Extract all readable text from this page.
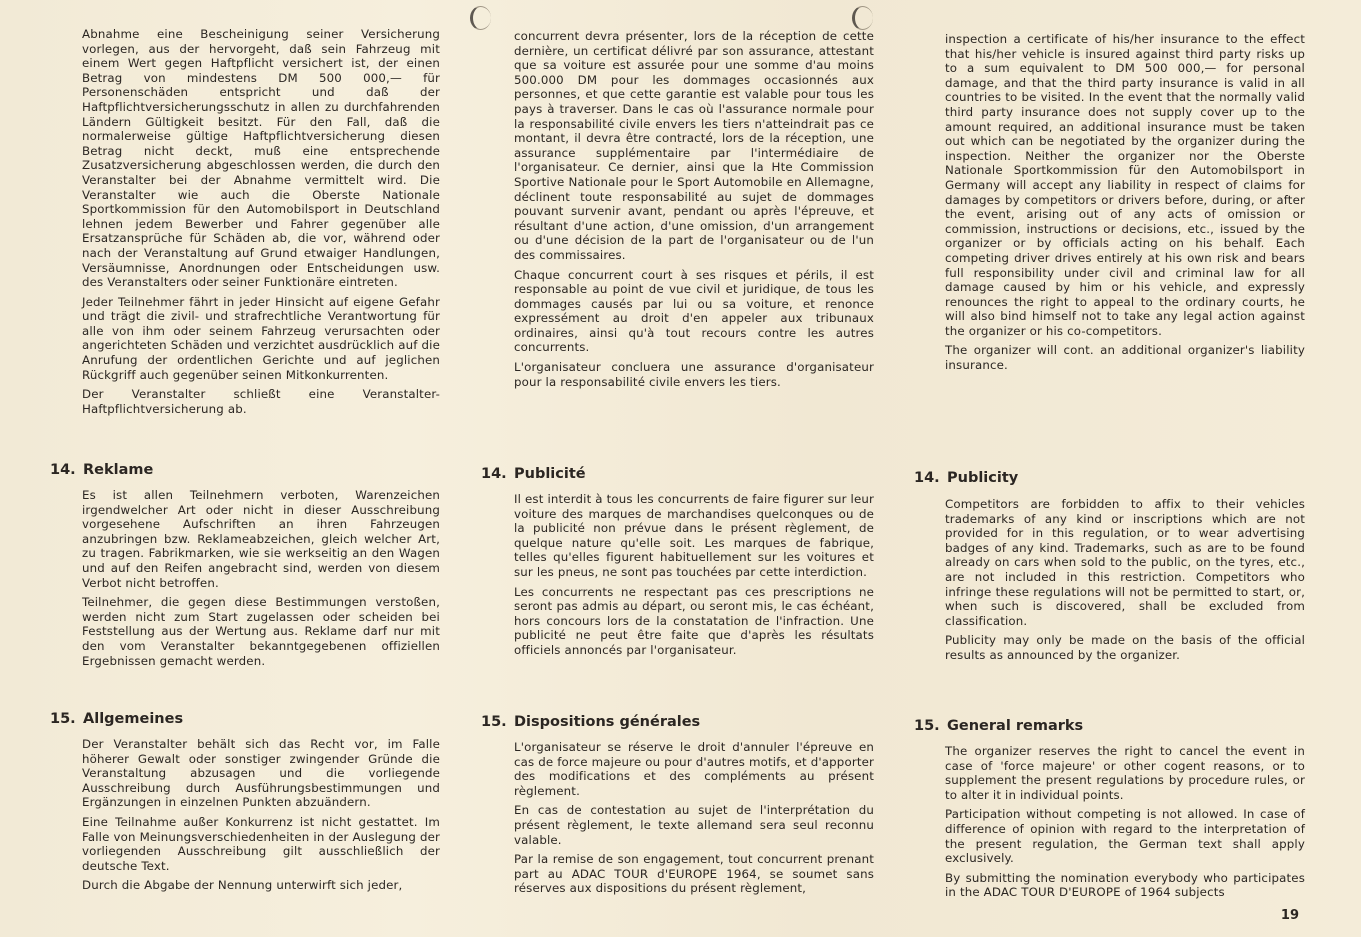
Abnahme eine Bescheinigung seiner Versicherung vorlegen, aus der hervorgeht, daß sein Fahrzeug mit einem Wert gegen Haftpflicht versichert ist, der einen Betrag von mindestens DM 500 000,— für Personenschäden entspricht und daß der Haftpflichtversicherungsschutz in allen zu durchfahrenden Ländern Gültigkeit besitzt. Für den Fall, daß die normalerweise gültige Haftpflichtversicherung diesen Betrag nicht deckt, muß eine entsprechende Zusatzversicherung abgeschlossen werden, die durch den Veranstalter bei der Abnahme vermittelt wird. Die Veranstalter wie auch die Oberste Nationale Sportkommission für den Automobilsport in Deutschland lehnen jedem Bewerber und Fahrer gegenüber alle Ersatzansprüche für Schäden ab, die vor, während oder nach der Veranstaltung auf Grund etwaiger Handlungen, Versäumnisse, Anordnungen oder Entscheidungen usw. des Veranstalters oder seiner Funktionäre eintreten.

Jeder Teilnehmer fährt in jeder Hinsicht auf eigene Gefahr und trägt die zivil- und strafrechtliche Verantwortung für alle von ihm oder seinem Fahrzeug verursachten oder angerichteten Schäden und verzichtet ausdrücklich auf die Anrufung der ordentlichen Gerichte und auf jeglichen Rückgriff auch gegenüber seinen Mitkonkurrenten.

Der Veranstalter schließt eine Veranstalter-Haftpflichtversicherung ab.

14. Reklame

Es ist allen Teilnehmern verboten, Warenzeichen irgendwelcher Art oder nicht in dieser Ausschreibung vorgesehene Aufschriften an ihren Fahrzeugen anzubringen bzw. Reklameabzeichen, gleich welcher Art, zu tragen. Fabrikmarken, wie sie werkseitig an den Wagen und auf den Reifen angebracht sind, werden von diesem Verbot nicht betroffen.

Teilnehmer, die gegen diese Bestimmungen verstoßen, werden nicht zum Start zugelassen oder scheiden bei Feststellung aus der Wertung aus. Reklame darf nur mit den vom Veranstalter bekanntgegebenen offiziellen Ergebnissen gemacht werden.

15. Allgemeines

Der Veranstalter behält sich das Recht vor, im Falle höherer Gewalt oder sonstiger zwingender Gründe die Veranstaltung abzusagen und die vorliegende Ausschreibung durch Ausführungsbestimmungen und Ergänzungen in einzelnen Punkten abzuändern.

Eine Teilnahme außer Konkurrenz ist nicht gestattet. Im Falle von Meinungsverschiedenheiten in der Auslegung der vorliegenden Ausschreibung gilt ausschließlich der deutsche Text.

Durch die Abgabe der Nennung unterwirft sich jeder,

concurrent devra présenter, lors de la réception de cette dernière, un certificat délivré par son assurance, attestant que sa voiture est assurée pour une somme d'au moins 500.000 DM pour les dommages occasionnés aux personnes, et que cette garantie est valable pour tous les pays à traverser. Dans le cas où l'assurance normale pour la responsabilité civile envers les tiers n'atteindrait pas ce montant, il devra être contracté, lors de la réception, une assurance supplémentaire par l'intermédiaire de l'organisateur. Ce dernier, ainsi que la Hte Commission Sportive Nationale pour le Sport Automobile en Allemagne, déclinent toute responsabilité au sujet de dommages pouvant survenir avant, pendant ou après l'épreuve, et résultant d'une action, d'une omission, d'un arrangement ou d'une décision de la part de l'organisateur ou de l'un des commissaires.

Chaque concurrent court à ses risques et périls, il est responsable au point de vue civil et juridique, de tous les dommages causés par lui ou sa voiture, et renonce expressément au droit d'en appeler aux tribunaux ordinaires, ainsi qu'à tout recours contre les autres concurrents.

L'organisateur concluera une assurance d'organisateur pour la responsabilité civile envers les tiers.

14. Publicité

Il est interdit à tous les concurrents de faire figurer sur leur voiture des marques de marchandises quelconques ou de la publicité non prévue dans le présent règlement, de quelque nature qu'elle soit. Les marques de fabrique, telles qu'elles figurent habituellement sur les voitures et sur les pneus, ne sont pas touchées par cette interdiction.

Les concurrents ne respectant pas ces prescriptions ne seront pas admis au départ, ou seront mis, le cas échéant, hors concours lors de la constatation de l'infraction. Une publicité ne peut être faite que d'après les résultats officiels annoncés par l'organisateur.

15. Dispositions générales

L'organisateur se réserve le droit d'annuler l'épreuve en cas de force majeure ou pour d'autres motifs, et d'apporter des modifications et des compléments au présent règlement.

En cas de contestation au sujet de l'interprétation du présent règlement, le texte allemand sera seul reconnu valable.

Par la remise de son engagement, tout concurrent prenant part au ADAC TOUR d'EUROPE 1964, se soumet sans réserves aux dispositions du présent règlement,

inspection a certificate of his/her insurance to the effect that his/her vehicle is insured against third party risks up to a sum equivalent to DM 500 000,— for personal damage, and that the third party insurance is valid in all countries to be visited. In the event that the normally valid third party insurance does not supply cover up to the amount required, an additional insurance must be taken out which can be negotiated by the organizer during the inspection. Neither the organizer nor the Oberste Nationale Sportkommission für den Automobilsport in Germany will accept any liability in respect of claims for damages by competitors or drivers before, during, or after the event, arising out of any acts of omission or commission, instructions or decisions, etc., issued by the organizer or by officials acting on his behalf. Each competing driver drives entirely at his own risk and bears full responsibility under civil and criminal law for all damage caused by him or his vehicle, and expressly renounces the right to appeal to the ordinary courts, he will also bind himself not to take any legal action against the organizer or his co-competitors.

The organizer will cont. an additional organizer's liability insurance.

14. Publicity

Competitors are forbidden to affix to their vehicles trademarks of any kind or inscriptions which are not provided for in this regulation, or to wear advertising badges of any kind. Trademarks, such as are to be found already on cars when sold to the public, on the tyres, etc., are not included in this restriction. Competitors who infringe these regulations will not be permitted to start, or, when such is discovered, shall be excluded from classification.

Publicity may only be made on the basis of the official results as announced by the organizer.

15. General remarks

The organizer reserves the right to cancel the event in case of 'force majeure' or other cogent reasons, or to supplement the present regulations by procedure rules, or to alter it in individual points.

Participation without competing is not allowed. In case of difference of opinion with regard to the interpretation of the present regulation, the German text shall apply exclusively.

By submitting the nomination everybody who participates in the ADAC TOUR D'EUROPE of 1964 subjects

19
